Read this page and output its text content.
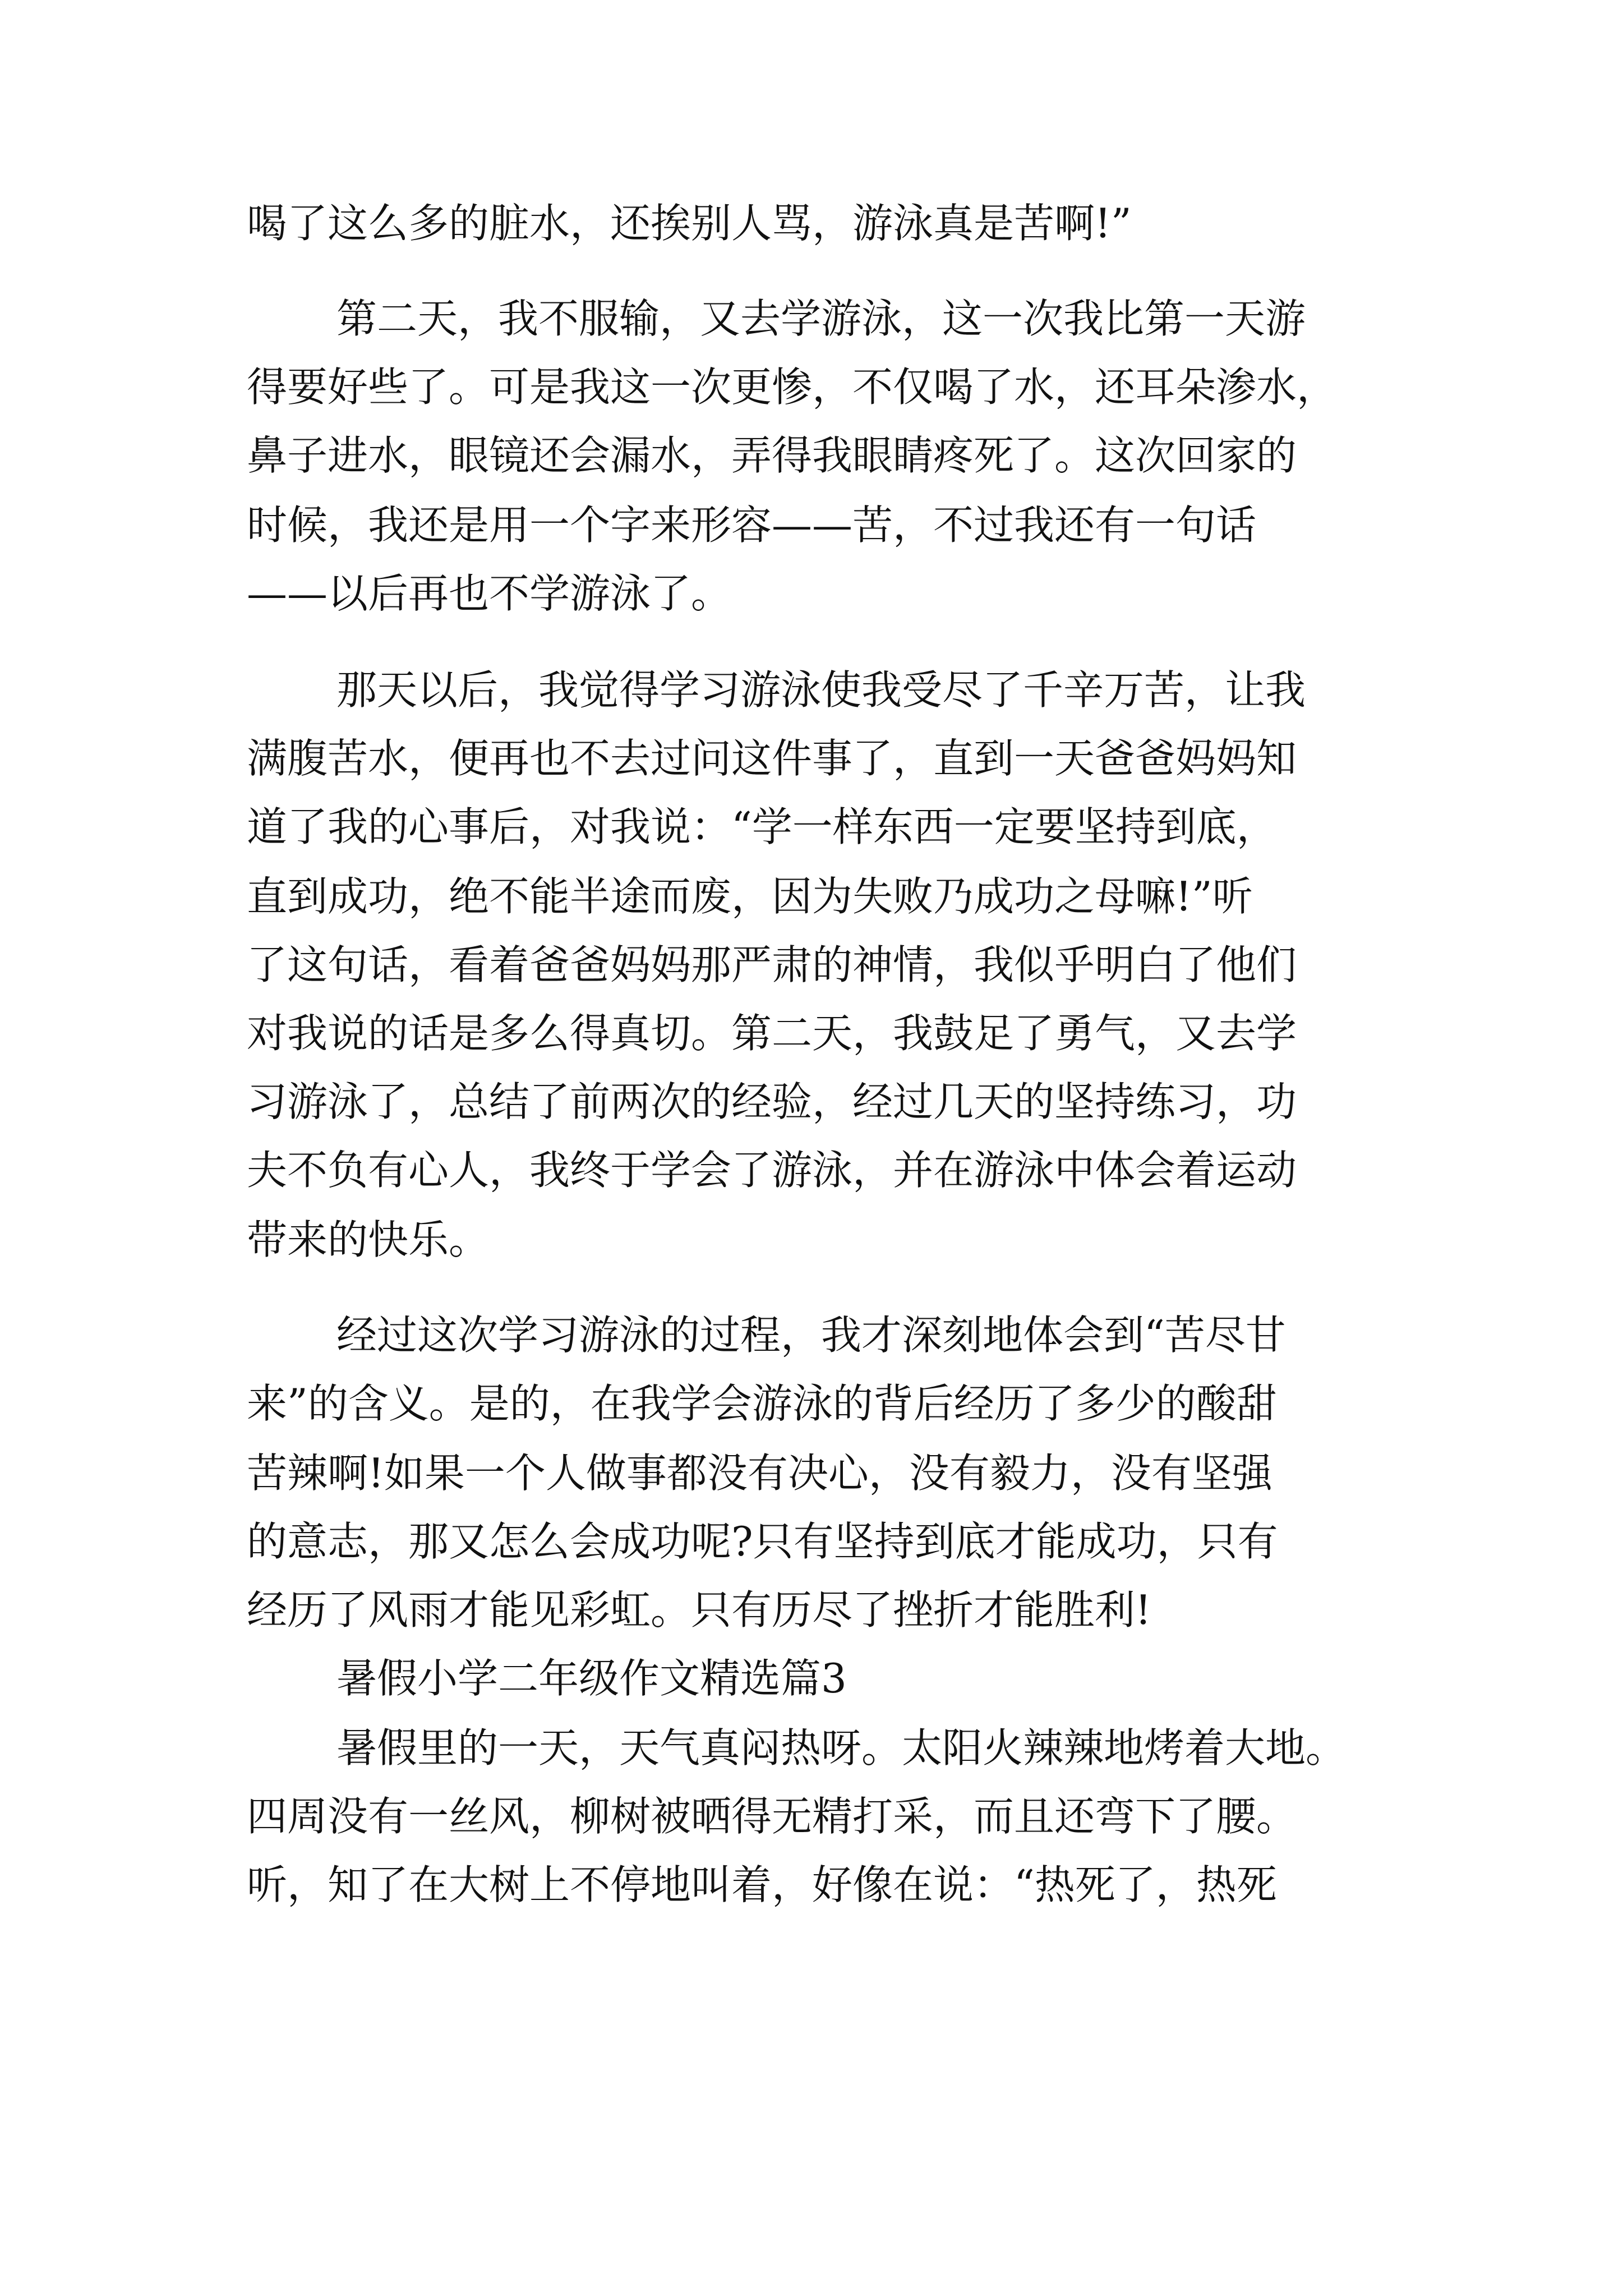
喝了这么多的脏水，还挨别人骂，游泳真是苦啊!”
第二天，我不服输，又去学游泳，这一次我比第一天游
得要好些了。可是我这一次更惨，不仅喝了水，还耳朵渗水，
鼻子进水，眼镜还会漏水，弄得我眼睛疼死了。这次回家的
时候，我还是用一个字来形容——苦，不过我还有一句话
——以后再也不学游泳了。
那天以后，我觉得学习游泳使我受尽了千辛万苦，让我
满腹苦水，便再也不去过问这件事了，直到一天爸爸妈妈知
道了我的心事后，对我说：“学一样东西一定要坚持到底，
直到成功，绝不能半途而废，因为失败乃成功之母嘛!”听
了这句话，看着爸爸妈妈那严肃的神情，我似乎明白了他们
对我说的话是多么得真切。第二天，我鼓足了勇气，又去学
习游泳了，总结了前两次的经验，经过几天的坚持练习，功
夫不负有心人，我终于学会了游泳，并在游泳中体会着运动
带来的快乐。
经过这次学习游泳的过程，我才深刻地体会到“苦尽甘
来”的含义。是的，在我学会游泳的背后经历了多少的酸甜
苦辣啊!如果一个人做事都没有决心，没有毅力，没有坚强
的意志，那又怎么会成功呢?只有坚持到底才能成功，只有
经历了风雨才能见彩虹。只有历尽了挫折才能胜利!
暑假小学二年级作文精选篇3
暑假里的一天，天气真闷热呀。太阳火辣辣地烤着大地。
四周没有一丝风，柳树被晒得无精打采，而且还弯下了腰。
听，知了在大树上不停地叫着，好像在说：“热死了，热死
